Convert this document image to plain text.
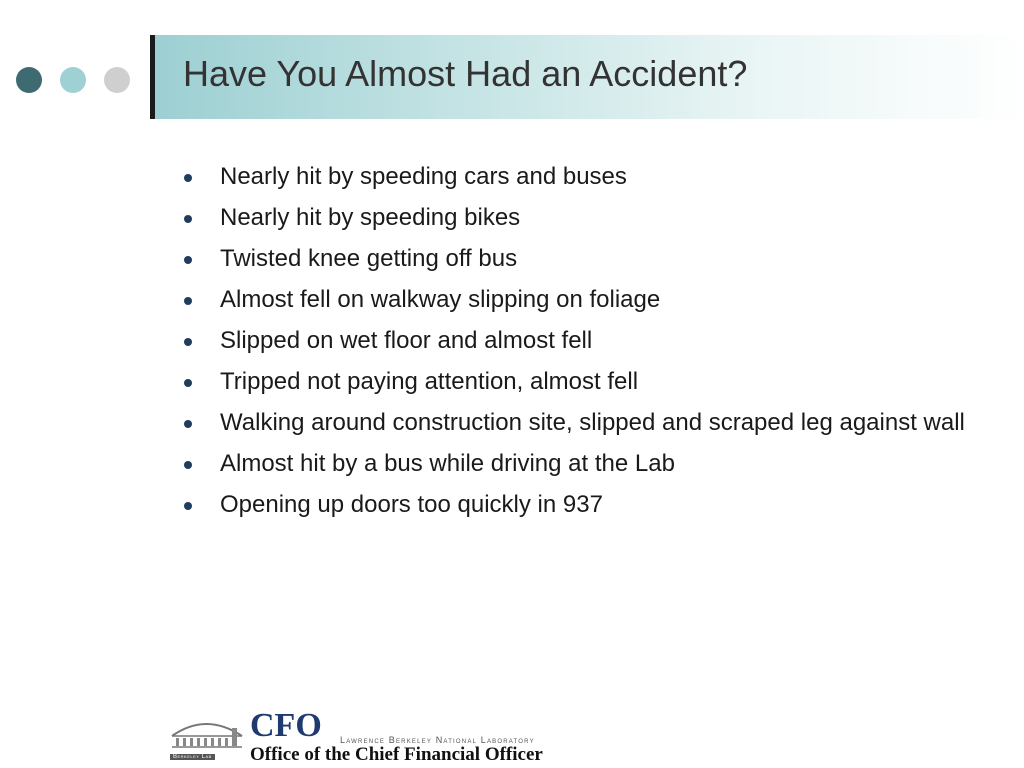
Have You Almost Had an Accident?
Nearly hit by speeding cars and buses
Nearly hit by speeding bikes
Twisted knee getting off bus
Almost fell on walkway slipping on foliage
Slipped on wet floor and almost fell
Tripped not paying attention, almost fell
Walking around construction site, slipped and scraped leg against wall
Almost hit by a bus while driving at the Lab
Opening up doors too quickly in 937
Berkeley Lab
CFO Lawrence Berkeley National Laboratory
Office of the Chief Financial Officer
